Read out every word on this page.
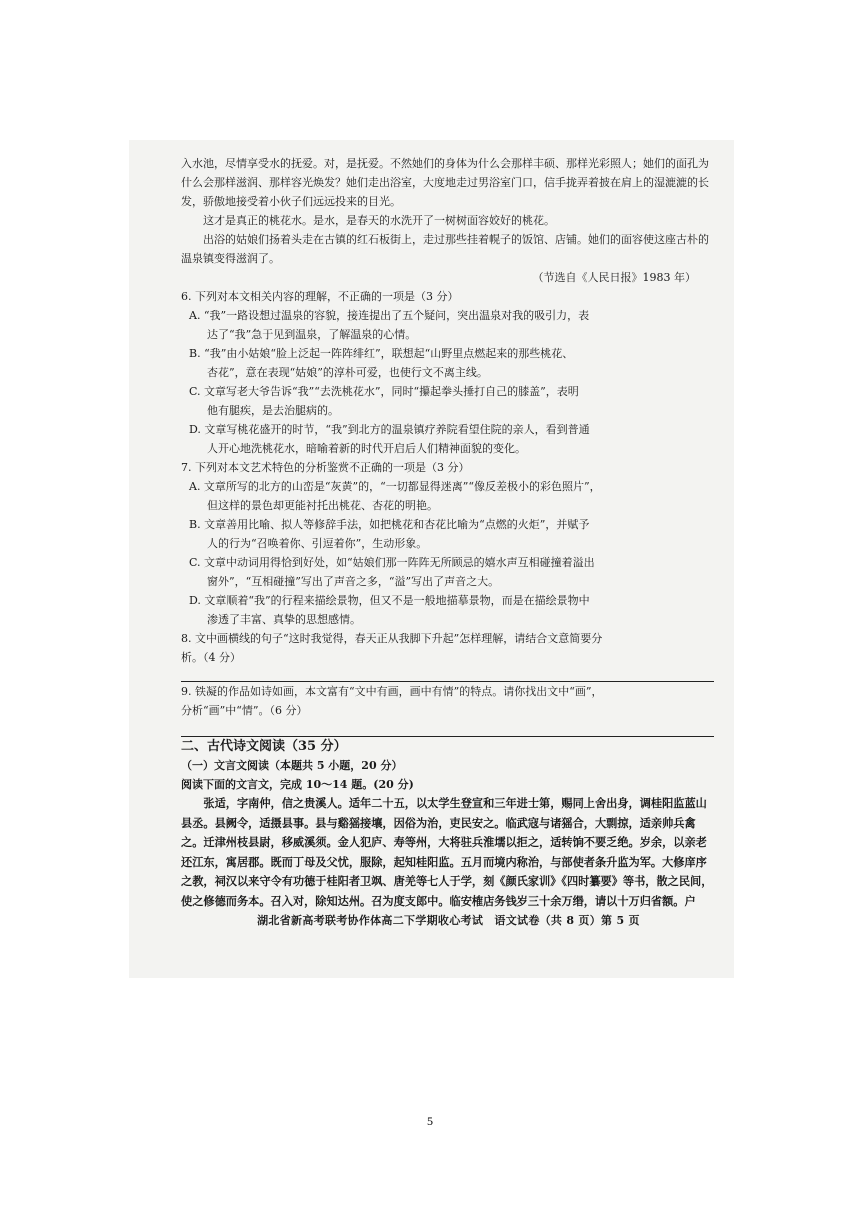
入水池，尽情享受水的抚爱。对，是抚爱。不然她们的身体为什么会那样丰硕、那样光彩照人；她们的面孔为什么会那样滋润、那样容光焕发？她们走出浴室，大度地走过男浴室门口，信手拢弄着披在肩上的湿漉漉的长发，骄傲地接受着小伙子们远远投来的目光。

这才是真正的桃花水。是水，是春天的水洗开了一树树面容姣好的桃花。

出浴的姑娘们扬着头走在古镇的红石板街上，走过那些挂着幌子的饭馆、店铺。她们的面容使这座古朴的温泉镇变得滋润了。

（节选自《人民日报》1983 年）

6. 下列对本文相关内容的理解，不正确的一项是（3 分）

A. “我”一路设想过温泉的容貌，接连提出了五个疑问，突出温泉对我的吸引力，表

达了“我”急于见到温泉，了解温泉的心情。

B. “我”由小姑娘“脸上泛起一阵阵绯红”，联想起“山野里点燃起来的那些桃花、

杏花”，意在表现“姑娘”的淳朴可爱，也使行文不离主线。

C. 文章写老大爷告诉“我”“去洗桃花水”，同时“攥起拳头捶打自己的膝盖”，表明

他有腿疾，是去治腿病的。

D. 文章写桃花盛开的时节，“我”到北方的温泉镇疗养院看望住院的亲人，看到普通

人开心地洗桃花水，暗喻着新的时代开启后人们精神面貌的变化。

7. 下列对本文艺术特色的分析鉴赏不正确的一项是（3 分）

A. 文章所写的北方的山峦是“灰黄”的，“一切都显得迷离”“像反差极小的彩色照片”，

但这样的景色却更能衬托出桃花、杏花的明艳。

B. 文章善用比喻、拟人等修辞手法，如把桃花和杏花比喻为“点燃的火炬”，并赋予

人的行为“召唤着你、引逗着你”，生动形象。

C. 文章中动词用得恰到好处，如“姑娘们那一阵阵无所顾忌的嬉水声互相碰撞着溢出

窗外”，“互相碰撞”写出了声音之多，“溢”写出了声音之大。

D. 文章顺着“我”的行程来描绘景物，但又不是一般地描摹景物，而是在描绘景物中

渗透了丰富、真挚的思想感情。

8. 文中画横线的句子“这时我觉得，春天正从我脚下升起”怎样理解，请结合文意简要分

析。（4 分）

9. 铁凝的作品如诗如画，本文富有“文中有画，画中有情”的特点。请你找出文中“画”，

分析“画”中“情”。（6 分）

二、古代诗文阅读（35 分）

（一）文言文阅读（本题共 5 小题，20 分）

阅读下面的文言文，完成 10～14 题。(20 分)

张适，字南仲，信之贵溪人。适年二十五，以太学生登宣和三年进士第，赐同上舍出身，调桂阳监蓝山县丞。县阙令，适摄县事。县与谿猺接壤，因俗为治，吏民安之。临武寇与诸猺合，大剽掠，适亲帅兵禽之。迁津州枝县尉，移威溪须。金人犯庐、寿等州，大将驻兵淮壖以拒之，适转饷不要乏绝。岁余，以亲老还江东，寓居郡。既而丁母及父忧，服除，起知桂阳监。五月而境内称治，与部使者条升监为军。大修庠序之教，祠汉以来守令有功德于桂阳者卫飒、唐羌等七人于学，刻《颜氏家训》《四时纂要》等书，散之民间，使之修德而务本。召入对，除知达州。召为度支郎中。临安榷店务钱岁三十余万缗，请以十万归省额。户

湖北省新高考联考协作体高二下学期收心考试　语文试卷（共 8 页）第 5 页

5
